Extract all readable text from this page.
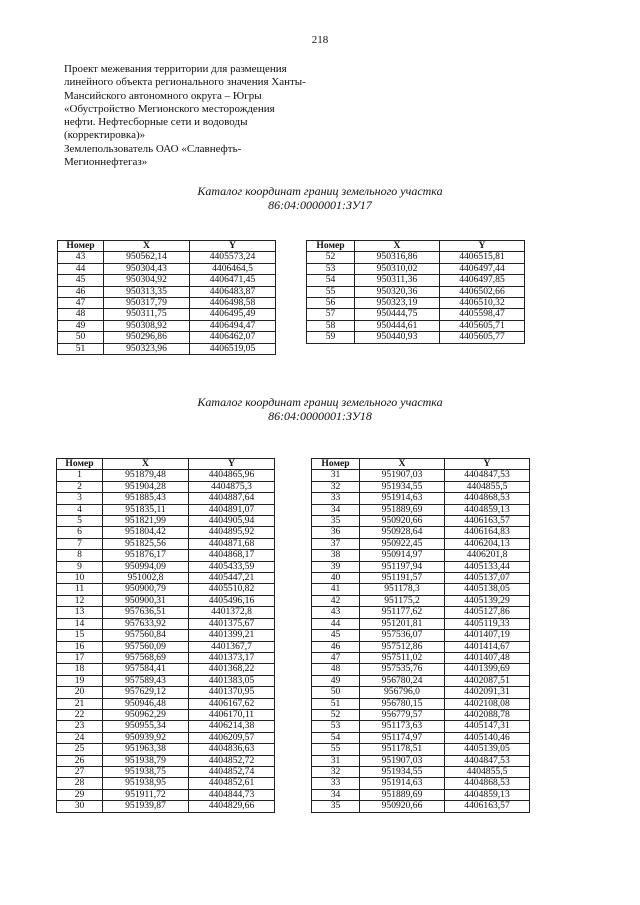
218
Проект межевания территории для размещения
линейного объекта регионального значения Ханты-
Мансийского автономного округа – Югры
«Обустройство Мегионского месторождения
нефти. Нефтесборные сети и водоводы
(корректировка)»
Землепользователь ОАО «Славнефть-
Мегионнефтегаз»
Каталог координат границ земельного участка
86:04:0000001:ЗУ17
Номер	X	Y
43	950562,14	4405573,24
44	950304,43	4406464,5
45	950304,92	4406471,45
46	950313,35	4406483,87
47	950317,79	4406498,58
48	950311,75	4406495,49
49	950308,92	4406494,47
50	950296,86	4406462,07
51	950323,96	4406519,05
Номер	X	Y
52	950316,86	4406515,81
53	950310,02	4406497,44
54	950311,36	4406497,85
55	950320,36	4406502,66
56	950323,19	4406510,32
57	950444,75	4405598,47
58	950444,61	4405605,71
59	950440,93	4405605,77
Каталог координат границ земельного участка
86:04:0000001:ЗУ18
Номер	X	Y
1	951879,48	4404865,96
2	951904,28	4404875,3
3	951885,43	4404887,64
4	951835,11	4404891,07
5	951821,99	4404905,94
6	951804,42	4404895,92
7	951825,56	4404871,68
8	951876,17	4404868,17
9	950994,09	4405433,59
10	951002,8	4405447,21
11	950900,79	4405510,82
12	950900,31	4405496,16
13	957636,51	4401372,8
14	957633,92	4401375,67
15	957560,84	4401399,21
16	957560,09	4401367,7
17	957568,69	4401373,17
18	957584,41	4401368,22
19	957589,43	4401383,05
20	957629,12	4401370,95
21	950946,48	4406167,62
22	950962,29	4406170,11
23	950955,34	4406214,38
24	950939,92	4406209,57
25	951963,38	4404836,63
26	951938,79	4404852,72
27	951938,75	4404852,74
28	951938,95	4404852,61
29	951911,72	4404844,73
30	951939,87	4404829,66
Номер	X	Y
31	951907,03	4404847,53
32	951934,55	4404855,5
33	951914,63	4404868,53
34	951889,69	4404859,13
35	950920,66	4406163,57
36	950928,64	4406164,83
37	950922,45	4406204,13
38	950914,97	4406201,8
39	951197,94	4405133,44
40	951191,57	4405137,07
41	951178,3	4405138,05
42	951175,2	4405139,29
43	951177,62	4405127,86
44	951201,81	4405119,33
45	957536,07	4401407,19
46	957512,86	4401414,67
47	957511,02	4401407,48
48	957535,76	4401399,69
49	956780,24	4402087,51
50	956796,0	4402091,31
51	956780,15	4402108,08
52	956779,57	4402088,78
53	951173,63	4405147,31
54	951174,97	4405140,46
55	951178,51	4405139,05
31	951907,03	4404847,53
32	951934,55	4404855,5
33	951914,63	4404868,53
34	951889,69	4404859,13
35	950920,66	4406163,57
